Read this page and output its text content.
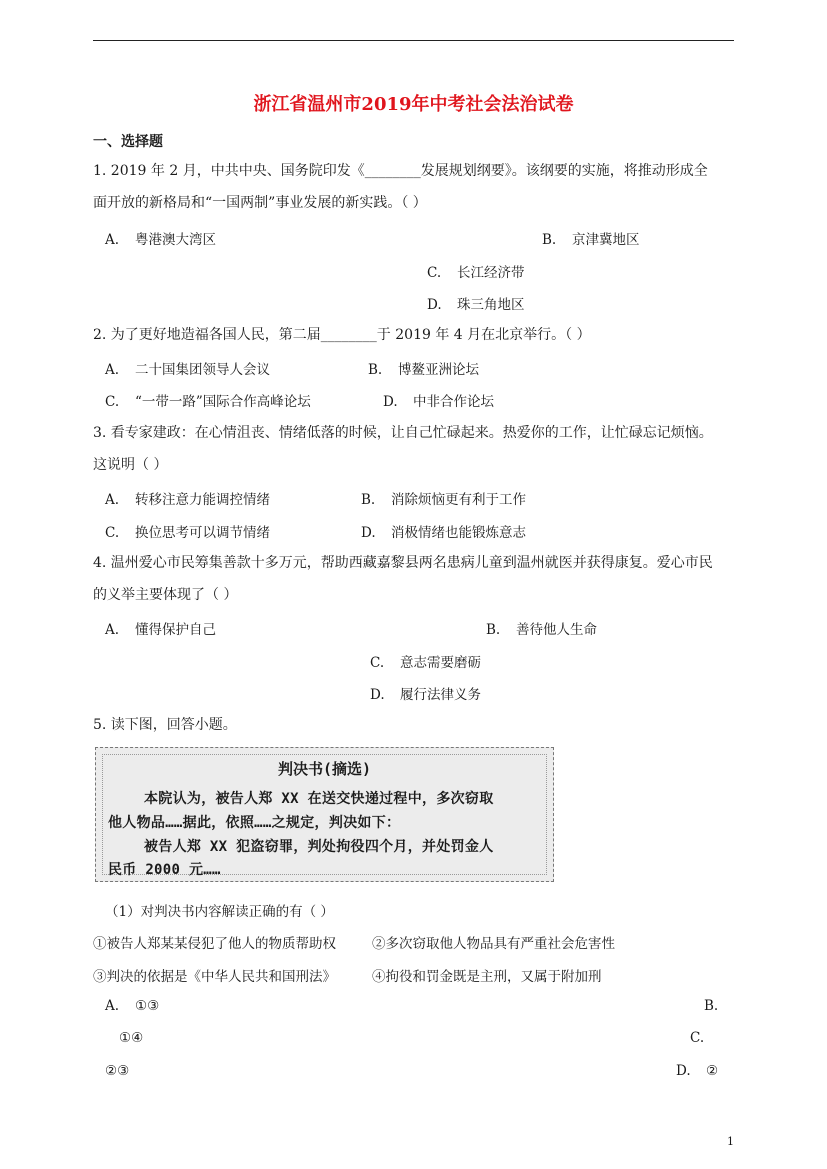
浙江省温州市2019年中考社会法治试卷
一、选择题
1. 2019 年 2 月，中共中央、国务院印发《________发展规划纲要》。该纲要的实施，将推动形成全
面开放的新格局和“一国两制”事业发展的新实践。（ ）
A. 粤港澳大湾区	B. 京津冀地区
C. 长江经济带
D. 珠三角地区
2. 为了更好地造福各国人民，第二届________于 2019 年 4 月在北京举行。（ ）
A. 二十国集团领导人会议	B. 博鳌亚洲论坛
C. “一带一路”国际合作高峰论坛	D. 中非合作论坛
3. 看专家建政：在心情沮丧、情绪低落的时候，让自己忙碌起来。热爱你的工作，让忙碌忘记烦恼。
这说明（ ）
A. 转移注意力能调控情绪	B. 消除烦恼更有利于工作
C. 换位思考可以调节情绪	D. 消极情绪也能锻炼意志
4. 温州爱心市民筹集善款十多万元，帮助西藏嘉黎县两名患病儿童到温州就医并获得康复。爱心市民
的义举主要体现了（ ）
A. 懂得保护自己	B. 善待他人生命
C. 意志需要磨砺
D. 履行法律义务
5. 读下图，回答小题。
判决书(摘选)
本院认为，被告人郑 XX 在送交快递过程中，多次窃取
他人物品……据此，依照……之规定，判决如下：
被告人郑 XX 犯盗窃罪，判处拘役四个月，并处罚金人
民币 2000 元……
（1）对判决书内容解读正确的有（ ）
①被告人郑某某侵犯了他人的物质帮助权	②多次窃取他人物品具有严重社会危害性
③判决的依据是《中华人民共和国刑法》	④拘役和罚金既是主刑，又属于附加刑
A. ①③	B.
①④	C.
②③	D. ②
1
